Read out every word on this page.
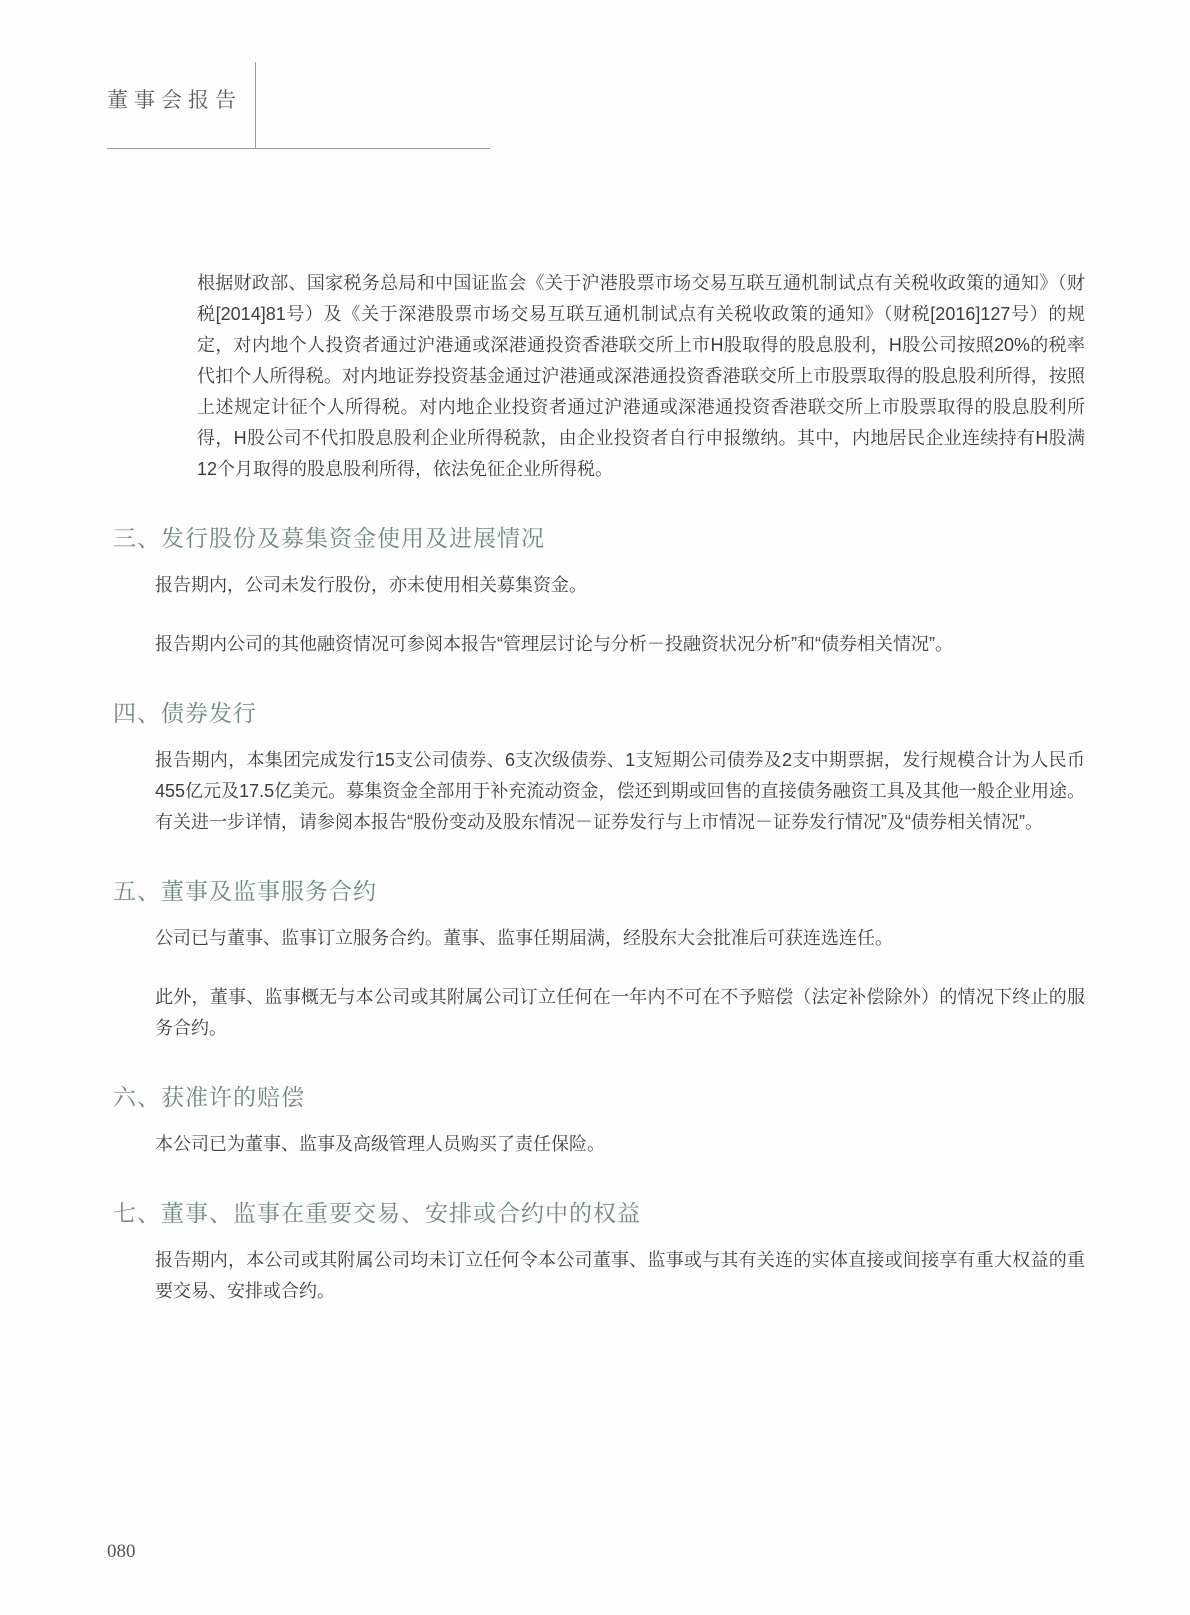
董事会报告

根据财政部、国家税务总局和中国证监会《关于沪港股票市场交易互联互通机制试点有关税收政策的通知》（财税[2014]81号）及《关于深港股票市场交易互联互通机制试点有关税收政策的通知》（财税[2016]127号）的规定，对内地个人投资者通过沪港通或深港通投资香港联交所上市H股取得的股息股利，H股公司按照20%的税率代扣个人所得税。对内地证券投资基金通过沪港通或深港通投资香港联交所上市股票取得的股息股利所得，按照上述规定计征个人所得税。对内地企业投资者通过沪港通或深港通投资香港联交所上市股票取得的股息股利所得，H股公司不代扣股息股利企业所得税款，由企业投资者自行申报缴纳。其中，内地居民企业连续持有H股满12个月取得的股息股利所得，依法免征企业所得税。

三、发行股份及募集资金使用及进展情况

报告期内，公司未发行股份，亦未使用相关募集资金。

报告期内公司的其他融资情况可参阅本报告“管理层讨论与分析－投融资状况分析”和“债券相关情况”。

四、债券发行

报告期内，本集团完成发行15支公司债券、6支次级债券、1支短期公司债券及2支中期票据，发行规模合计为人民币455亿元及17.5亿美元。募集资金全部用于补充流动资金，偿还到期或回售的直接债务融资工具及其他一般企业用途。有关进一步详情，请参阅本报告“股份变动及股东情况－证券发行与上市情况－证券发行情况”及“债券相关情况”。

五、董事及监事服务合约

公司已与董事、监事订立服务合约。董事、监事任期届满，经股东大会批准后可获连选连任。

此外，董事、监事概无与本公司或其附属公司订立任何在一年内不可在不予赔偿（法定补偿除外）的情况下终止的服务合约。

六、获准许的赔偿

本公司已为董事、监事及高级管理人员购买了责任保险。

七、董事、监事在重要交易、安排或合约中的权益

报告期内，本公司或其附属公司均未订立任何令本公司董事、监事或与其有关连的实体直接或间接享有重大权益的重要交易、安排或合约。

080
